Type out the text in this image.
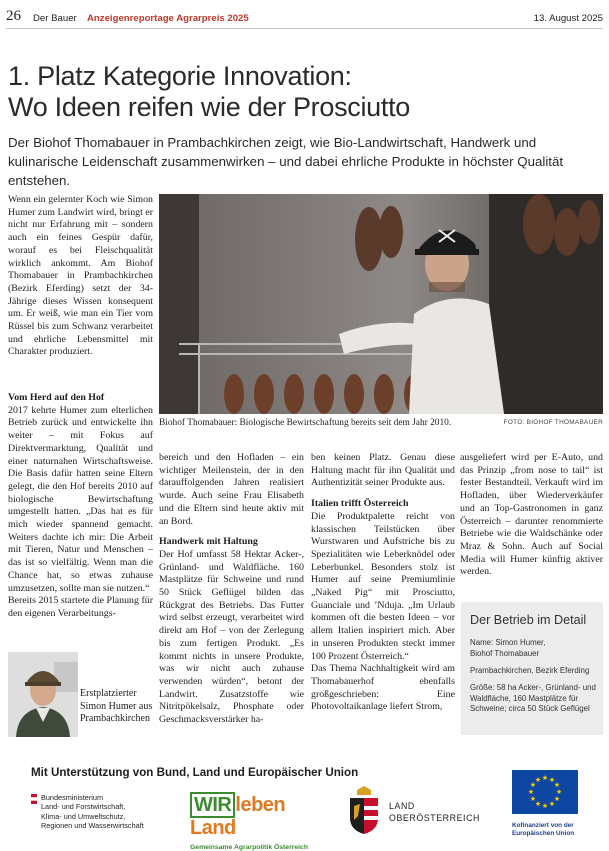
26 Der Bauer Anzeigenreportage Agrarpreis 2025	13. August 2025
1. Platz Kategorie Innovation:
Wo Ideen reifen wie der Prosciutto
Der Biohof Thomabauer in Prambachkirchen zeigt, wie Bio-Landwirtschaft, Handwerk und kulinarische Leidenschaft zusammenwirken – und dabei ehrliche Produkte in höchster Qualität entstehen.

Wenn ein gelernter Koch wie Simon Humer zum Landwirt wird, bringt er nicht nur Erfahrung mit – sondern auch ein feines Gespür dafür, worauf es bei Fleischqualität wirklich ankommt. Am Biohof Thomabauer in Prambachkirchen (Bezirk Eferding) setzt der 34-Jährige dieses Wissen konsequent um. Er weiß, wie man ein Tier vom Rüssel bis zum Schwanz verarbeitet und ehrliche Lebensmittel mit Charakter produziert.

Vom Herd auf den Hof

2017 kehrte Humer zum elterlichen Betrieb zurück und entwickelte ihn weiter – mit Fokus auf Direktvermarktung, Qualität und einer naturnahen Wirtschaftsweise. Die Basis dafür hatten seine Eltern gelegt, die den Hof bereits 2010 auf biologische Bewirtschaftung umgestellt hatten. „Das hat es für mich wieder spannend gemacht. Weiters dachte ich mir: Die Arbeit mit Tieren, Natur und Menschen – das ist so vielfältig. Wenn man die Chance hat, so etwas zuhause umzusetzen, sollte man sie nutzen.“

Bereits 2015 startete die Planung für den eigenen Verarbeitungs-

Biohof Thomabauer: Biologische Bewirtschaftung bereits seit dem Jahr 2010.	FOTO: BIOHOF THOMABAUER
Erstplatzierter Simon Humer aus Prambachkirchen

bereich und den Hofladen – ein wichtiger Meilenstein, der in den darauffolgenden Jahren realisiert wurde. Auch seine Frau Elisabeth und die Eltern sind heute aktiv mit an Bord.

Handwerk mit Haltung

Der Hof umfasst 58 Hektar Acker-, Grünland- und Waldfläche. 160 Mastplätze für Schweine und rund 50 Stück Geflügel bilden das Rückgrat des Betriebs. Das Futter wird selbst erzeugt, verarbeitet wird direkt am Hof – von der Zerlegung bis zum fertigen Produkt. „Es kommt nichts in unsere Produkte, was wir nicht auch zuhause verwenden würden“, betont der Landwirt. Zusatzstoffe wie Nitritpökelsalz, Phosphate oder Geschmacksverstärker ha-

ben keinen Platz. Genau diese Haltung macht für ihn Qualität und Authentizität seiner Produkte aus.

Italien trifft Österreich

Die Produktpalette reicht von klassischen Teilstücken über Wurstwaren und Aufstriche bis zu Spezialitäten wie Leberknödel oder Leberbunkel. Besonders stolz ist Humer auf seine Premiumlinie „Naked Pig“ mit Prosciutto, Guanciale und ’Nduja. „Im Urlaub kommen oft die besten Ideen – vor allem Italien inspiriert mich. Aber in unseren Produkten steckt immer 100 Prozent Österreich.“

Das Thema Nachhaltigkeit wird am Thomabauerhof ebenfalls großgeschrieben: Eine Photovoltaikanlage liefert Strom,

ausgeliefert wird per E-Auto, und das Prinzip „from nose to tail“ ist fester Bestandteil. Verkauft wird im Hofladen, über Wiederverkäufer und an Top-Gastronomen in ganz Österreich – darunter renommierte Betriebe wie die Waldschänke oder Mraz & Sohn. Auch auf Social Media will Humer künftig aktiver werden.

Der Betrieb im Detail
Name: Simon Humer,
Biohof Thomabauer
Prambachkirchen, Bezirk Eferding
Größe: 58 ha Acker-, Grünland- und Waldfläche, 160 Mastplätze für Schweine; circa 50 Stück Geflügel
Mit Unterstützung von Bund, Land und Europäischer Union
Bundesministerium
Land- und Forstwirtschaft,
Klima- und Umweltschutz,
Regionen und Wasserwirtschaft
WIR leben Land
Gemeinsame Agrarpolitik Österreich
LAND
OBERÖSTERREICH
★ ★
★
★
★
★
★
★
★
★
★
★
Kofinanziert von der
Europäischen Union
